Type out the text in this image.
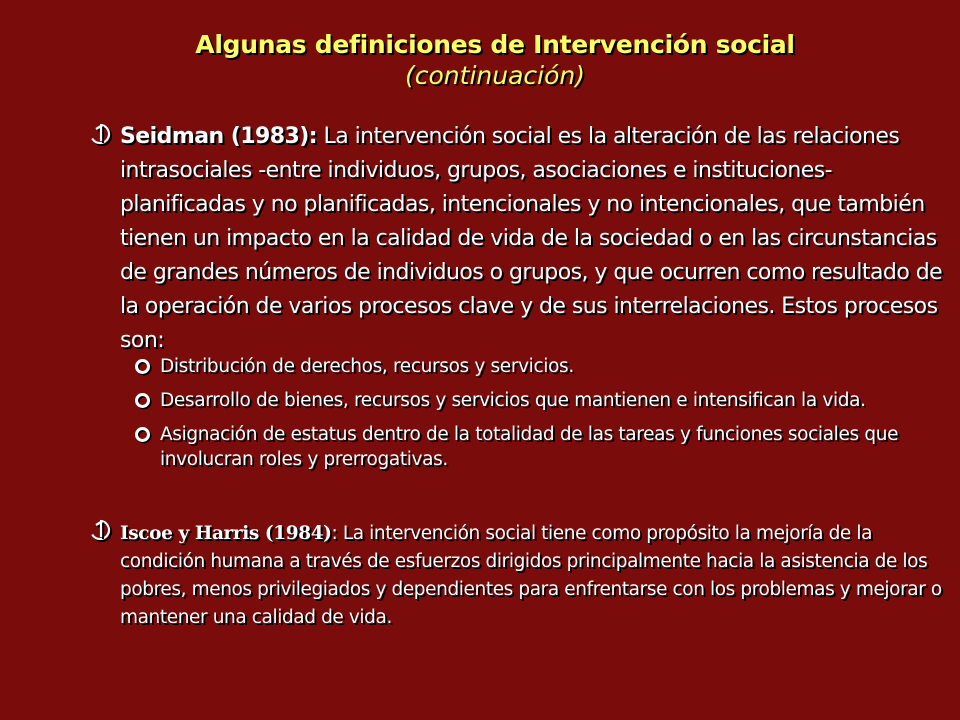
Algunas definiciones de Intervención social
(continuación)

Seidman (1983): La intervención social es la alteración de las relaciones intrasociales -entre individuos, grupos, asociaciones e instituciones- planificadas y no planificadas, intencionales y no intencionales, que también tienen un impacto en la calidad de vida de la sociedad o en las circunstancias de grandes números de individuos o grupos, y que ocurren como resultado de la operación de varios procesos clave y de sus interrelaciones. Estos procesos son:

Distribución de derechos, recursos y servicios.
Desarrollo de bienes, recursos y servicios que mantienen e intensifican la vida.
Asignación de estatus dentro de la totalidad de las tareas y funciones sociales que involucran roles y prerrogativas.

Iscoe y Harris (1984): La intervención social tiene como propósito la mejoría de la condición humana a través de esfuerzos dirigidos principalmente hacia la asistencia de los pobres, menos privilegiados y dependientes para enfrentarse con los problemas y mejorar o mantener una calidad de vida.
